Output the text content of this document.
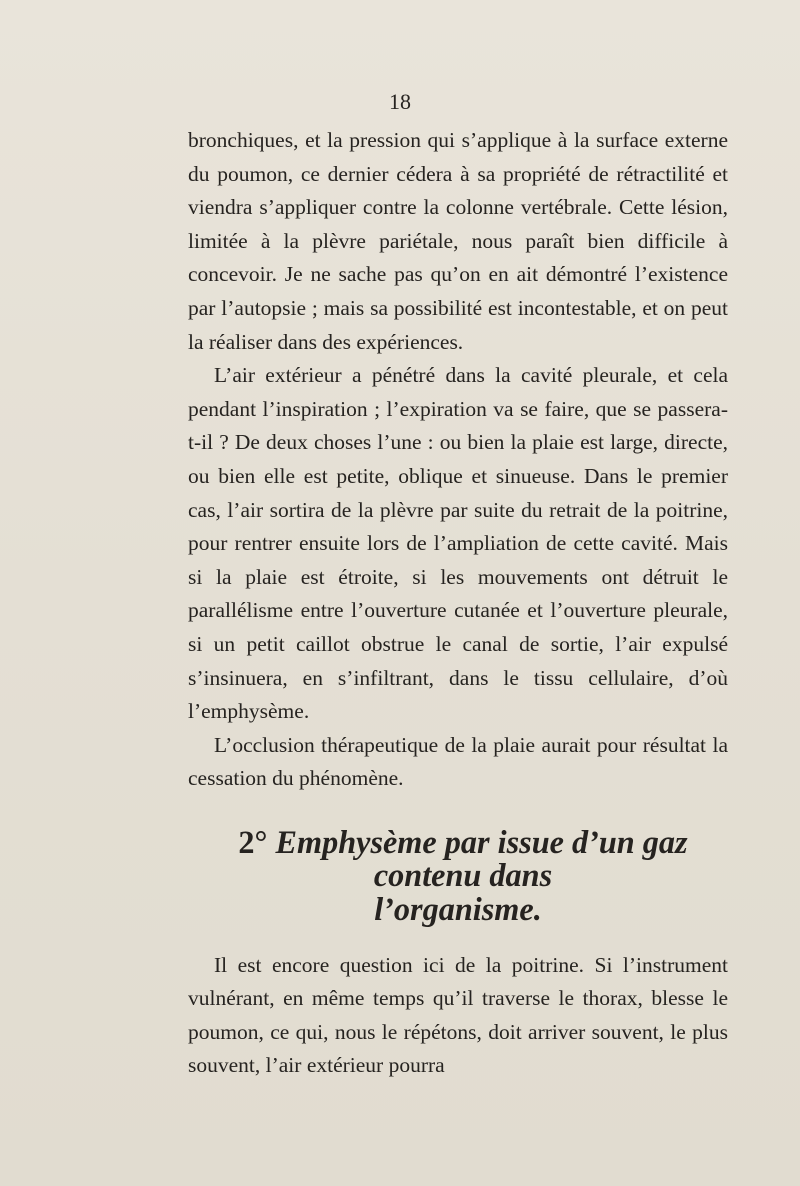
18

bronchiques, et la pression qui s’applique à la surface externe du poumon, ce dernier cédera à sa propriété de rétractilité et viendra s’appliquer contre la colonne vertébrale. Cette lésion, limitée à la plèvre pariétale, nous paraît bien difficile à concevoir. Je ne sache pas qu’on en ait démontré l’existence par l’autopsie ; mais sa possibilité est incontestable, et on peut la réaliser dans des expériences.

L’air extérieur a pénétré dans la cavité pleurale, et cela pendant l’inspiration ; l’expiration va se faire, que se passera-t-il ? De deux choses l’une : ou bien la plaie est large, directe, ou bien elle est petite, oblique et sinueuse. Dans le premier cas, l’air sortira de la plèvre par suite du retrait de la poitrine, pour rentrer ensuite lors de l’ampliation de cette cavité. Mais si la plaie est étroite, si les mouvements ont détruit le parallélisme entre l’ouverture cutanée et l’ouverture pleurale, si un petit caillot obstrue le canal de sortie, l’air expulsé s’insinuera, en s’infiltrant, dans le tissu cellulaire, d’où l’emphysème.

L’occlusion thérapeutique de la plaie aurait pour résultat la cessation du phénomène.

2° Emphysème par issue d’un gaz contenu dans
l’organisme.

Il est encore question ici de la poitrine. Si l’instrument vulnérant, en même temps qu’il traverse le thorax, blesse le poumon, ce qui, nous le répétons, doit arriver souvent, le plus souvent, l’air extérieur pourra
